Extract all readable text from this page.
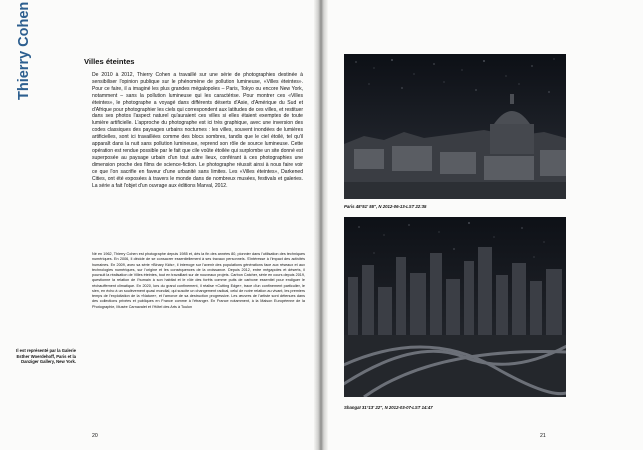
Thierry Cohen	Villes éteintes

De 2010 à 2012, Thierry Cohen a travaillé sur une série de photographies destinée à sensibiliser l'opinion publique sur le phénomène de pollution lumineuse, «Villes éteintes». Pour ce faire, il a imaginé les plus grandes mégalopoles – Paris, Tokyo ou encore New York, notamment – sans la pollution lumineuse qui les caractérise. Pour montrer ces «Villes éteintes», le photographe a voyagé dans différents déserts d'Asie, d'Amérique du Sud et d'Afrique pour photographier les ciels qui correspondent aux latitudes de ces villes, et restituer dans ses photos l'aspect naturel qu'auraient ces villes si elles étaient exemptes de toute lumière artificielle. L'approche du photographe est ici très graphique, avec une inversion des codes classiques des paysages urbains nocturnes : les villes, souvent inondées de lumières artificielles, sont ici travaillées comme des blocs sombres, tandis que le ciel étoilé, tel qu'il apparaît dans la nuit sans pollution lumineuse, reprend son rôle de source lumineuse. Cette opération est rendue possible par le fait que cile voûte étoilée qui surplombe un site donné est superposée au paysage urbain d'un tout autre lieux, conférant à ces photographies une dimension proche des films de science-fiction. Le photographe réussit ainsi à nous faire voir ce que l'on sacrifie en faveur d'une urbanité sans limites. Les «Villes éteintes», Darkened Cities, ont été exposées à travers le monde dans de nombreux musées, festivals et galeries. La série a fait l'objet d'un ouvrage aux éditions Marval, 2012.

Né en 1962, Thierry Cohen est photographe depuis 1985 et, dès la fin des années 80, pionnier dans l'utilisation des techniques numériques. En 2006, il décide de se consacrer essentiellement à ses travaux personnels. S'intéresse à l'impact des activités humaines. En 2009, avec sa série «Binary Kids», il interroge sur l'avenir des populations générations face aux réseaux et aux technologies numériques, sur l'origine et les conséquences de la croissance. Depuis 2012, entre mégapoles et déserts, il poursuit la réalisation de Villes éteintes, tout en travaillant sur de nouveaux projets. Carbon Catcher, série en cours depuis 2019, questionne la relation de l'humain à son habitat et le rôle des forêts comme puits de carbone essentiel pour endiguer le réchauffement climatique. En 2020, lors du grand confinement, il réalise «Cutting Edge», trace d'un confinement particulier, le sien, en écho à un soulèvement quasi mondial, qui suscite un changement radical, celui de notre relation au vivant, les premiers temps de l'exploitation de la «Nature», et l'amorce de sa destruction progressive. Les œuvres de l'artiste sont détenues dans des collections privées et publiques en France comme à l'étranger. En France notamment, à la Maison Européenne de la Photographie, Musée Carnavalet et l'Hôtel des Arts à Toulon

Il est représenté par la Galerie Esther Woerdehoff, Paris et la Danziger Gallery, New York.

20	21
Paris 48°51' 55", N 2012-06-13-LST 22:35
Shangaï 31°13' 22", N 2012-03-07-LST 14:47
